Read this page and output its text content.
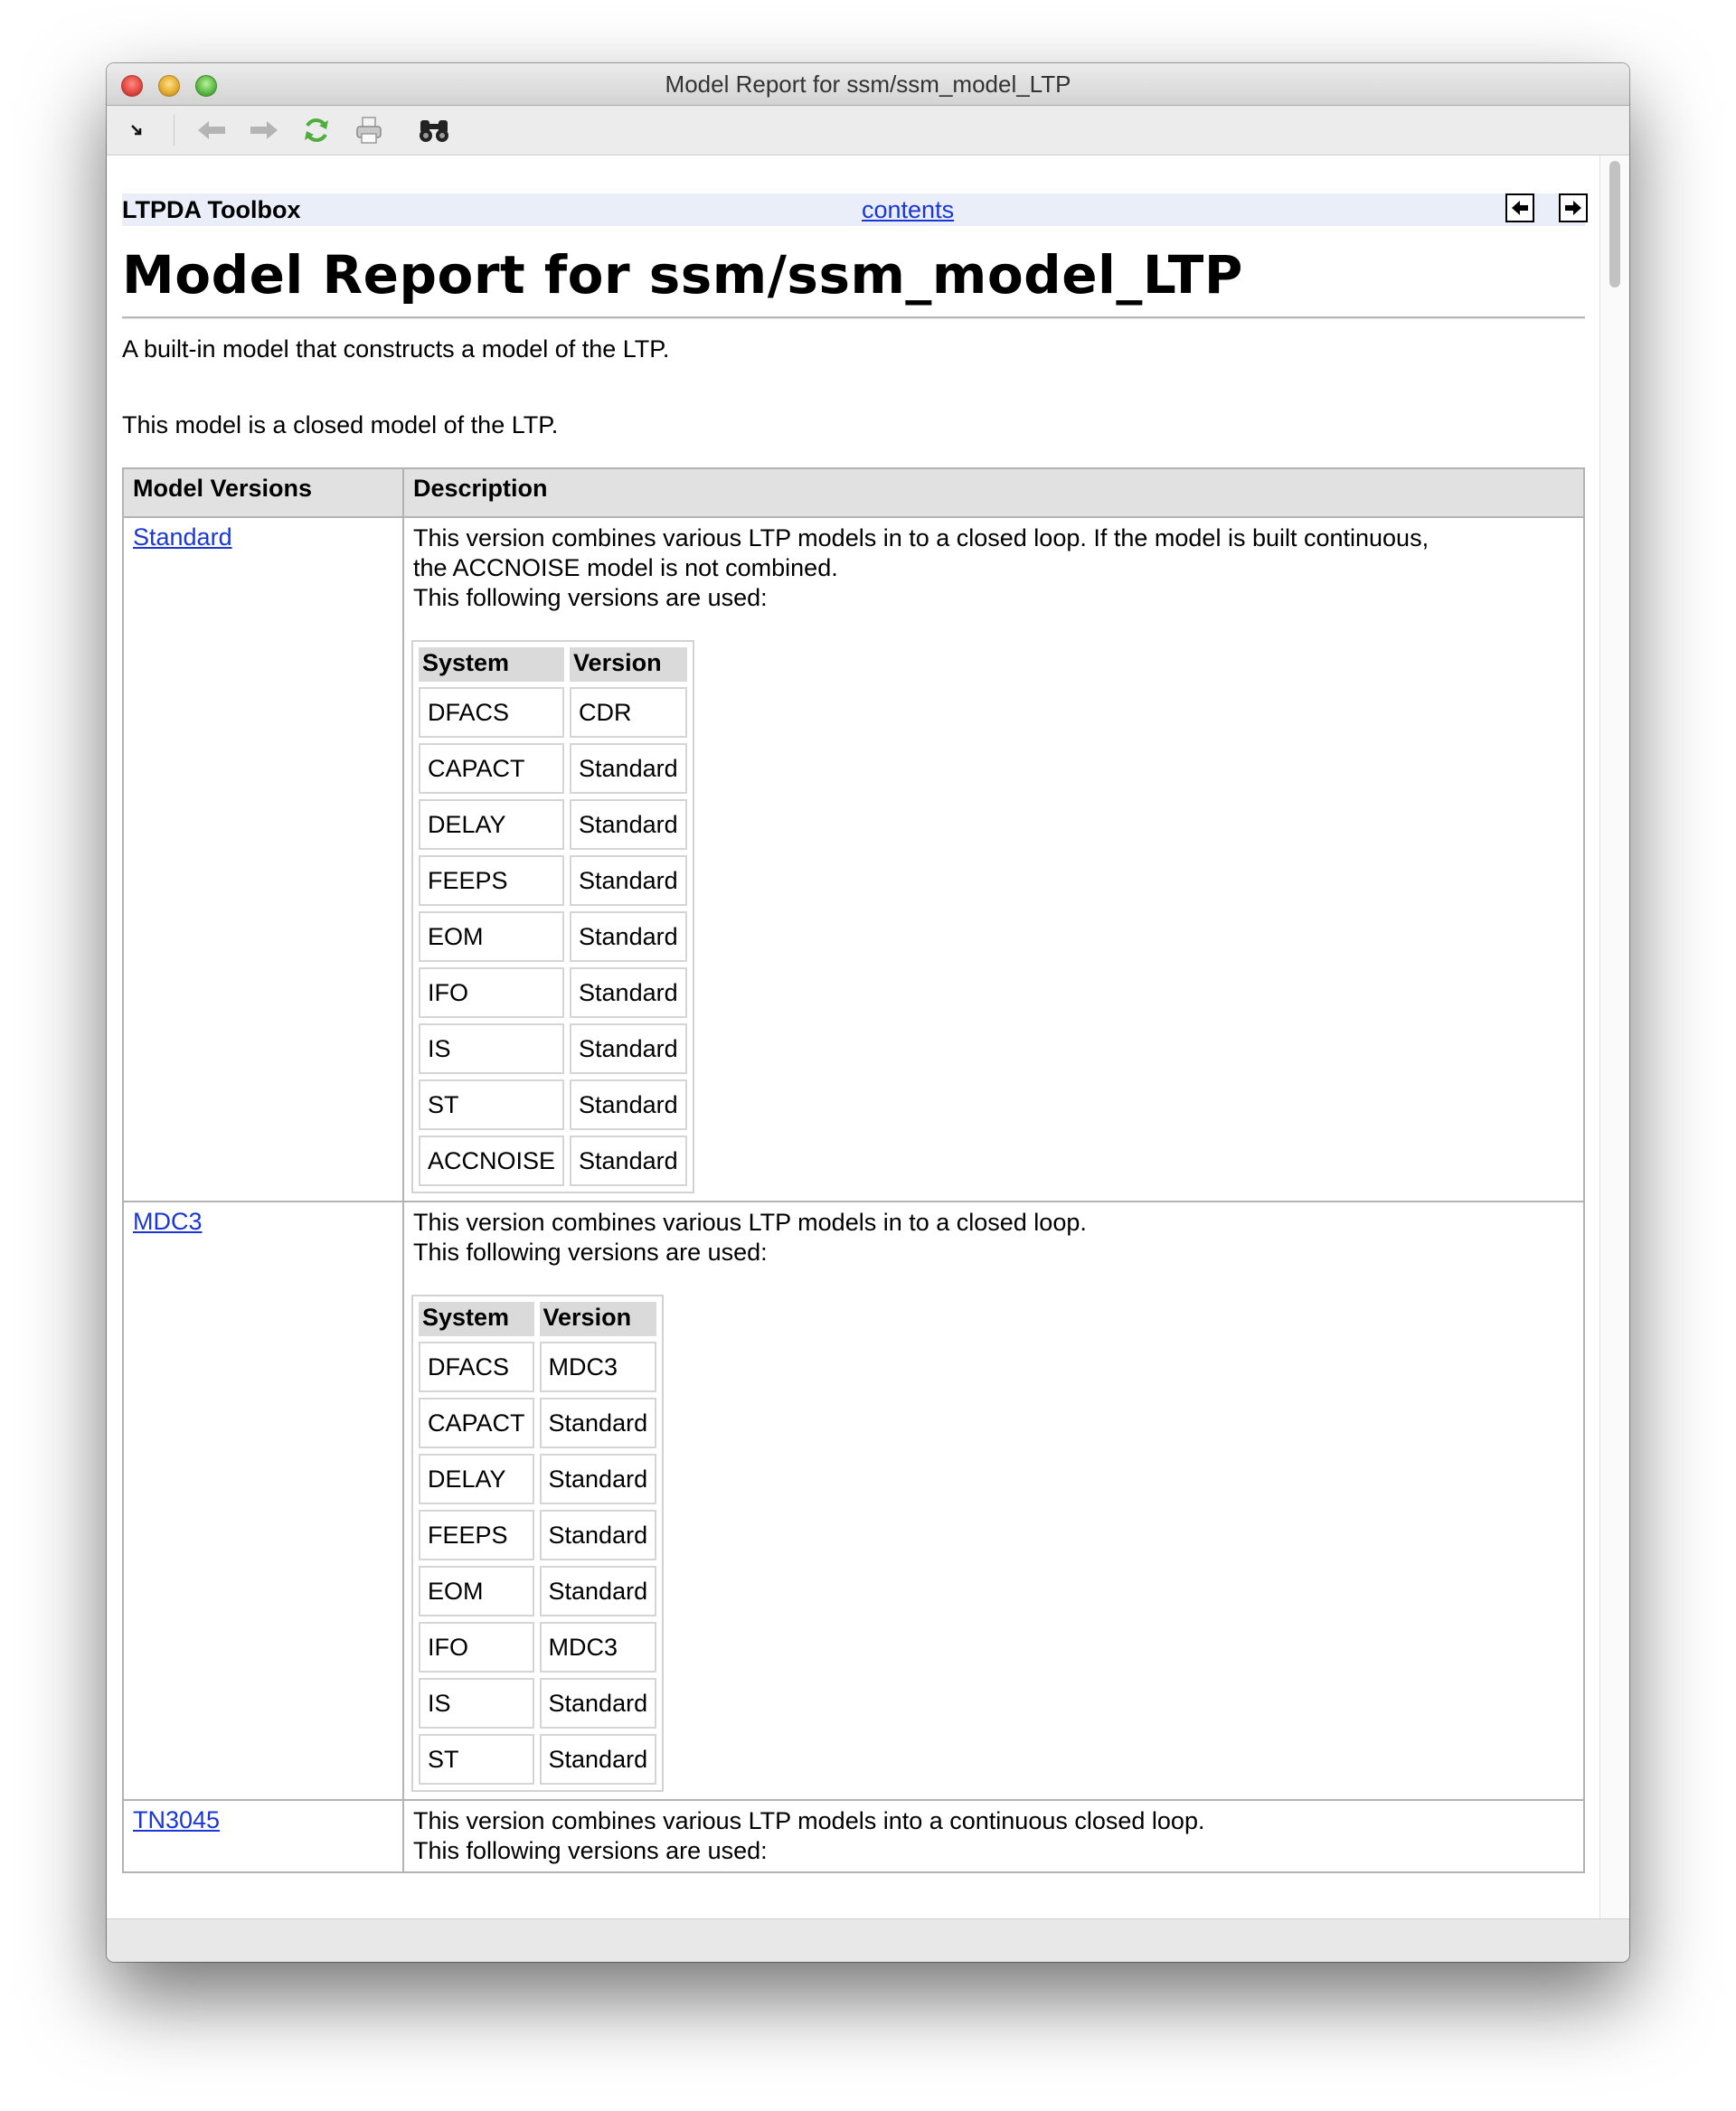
Model Report for ssm/ssm_model_LTP
LTPDA Toolbox	contents
Model Report for ssm/ssm_model_LTP

A built-in model that constructs a model of the LTP.

This model is a closed model of the LTP.

Model Versions	Description
Standard	This version combines various LTP models in to a closed loop. If the model is built continuous,
the ACCNOISE model is not combined.
This following versions are used:
System	Version
DFACS	CDR
CAPACT	Standard
DELAY	Standard
FEEPS	Standard
EOM	Standard
IFO	Standard
IS	Standard
ST	Standard
ACCNOISE	Standard

MDC3	This version combines various LTP models in to a closed loop.
This following versions are used:
System	Version
DFACS	MDC3
CAPACT	Standard
DELAY	Standard
FEEPS	Standard
EOM	Standard
IFO	MDC3
IS	Standard
ST	Standard

TN3045	This version combines various LTP models into a continuous closed loop.
This following versions are used:
